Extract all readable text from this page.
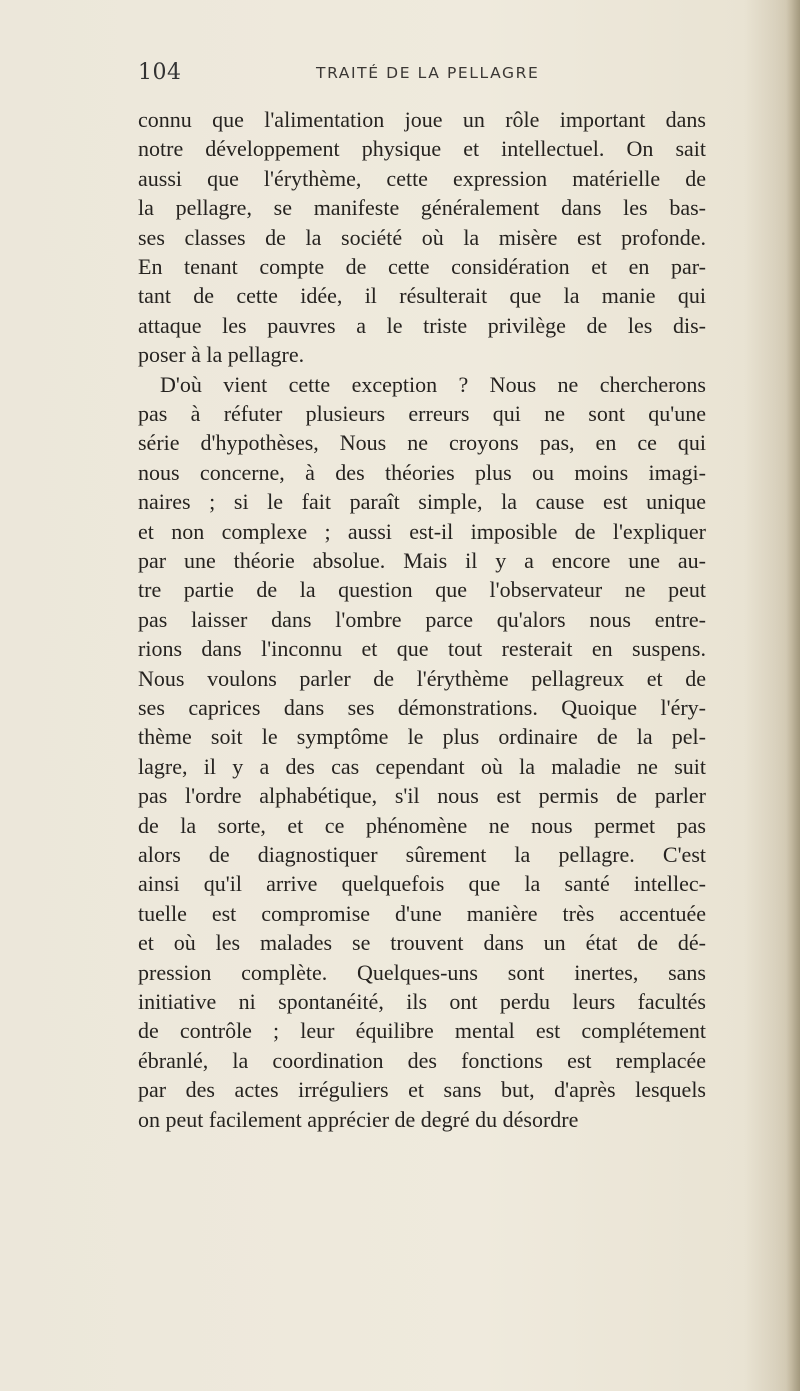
104	TRAITÉ DE LA PELLAGRE
connu que l'alimentation joue un rôle important dans
notre développement physique et intellectuel. On sait
aussi que l'érythème, cette expression matérielle de
la pellagre, se manifeste généralement dans les bas-
ses classes de la société où la misère est profonde.
En tenant compte de cette considération et en par-
tant de cette idée, il résulterait que la manie qui
attaque les pauvres a le triste privilège de les dis-
poser à la pellagre.
D'où vient cette exception ? Nous ne chercherons
pas à réfuter plusieurs erreurs qui ne sont qu'une
série d'hypothèses, Nous ne croyons pas, en ce qui
nous concerne, à des théories plus ou moins imagi-
naires ; si le fait paraît simple, la cause est unique
et non complexe ; aussi est-il imposible de l'expliquer
par une théorie absolue. Mais il y a encore une au-
tre partie de la question que l'observateur ne peut
pas laisser dans l'ombre parce qu'alors nous entre-
rions dans l'inconnu et que tout resterait en suspens.
Nous voulons parler de l'érythème pellagreux et de
ses caprices dans ses démonstrations. Quoique l'éry-
thème soit le symptôme le plus ordinaire de la pel-
lagre, il y a des cas cependant où la maladie ne suit
pas l'ordre alphabétique, s'il nous est permis de parler
de la sorte, et ce phénomène ne nous permet pas
alors de diagnostiquer sûrement la pellagre. C'est
ainsi qu'il arrive quelquefois que la santé intellec-
tuelle est compromise d'une manière très accentuée
et où les malades se trouvent dans un état de dé-
pression complète. Quelques-uns sont inertes, sans
initiative ni spontanéité, ils ont perdu leurs facultés
de contrôle ; leur équilibre mental est complétement
ébranlé, la coordination des fonctions est remplacée
par des actes irréguliers et sans but, d'après lesquels
on peut facilement apprécier de degré du désordre
